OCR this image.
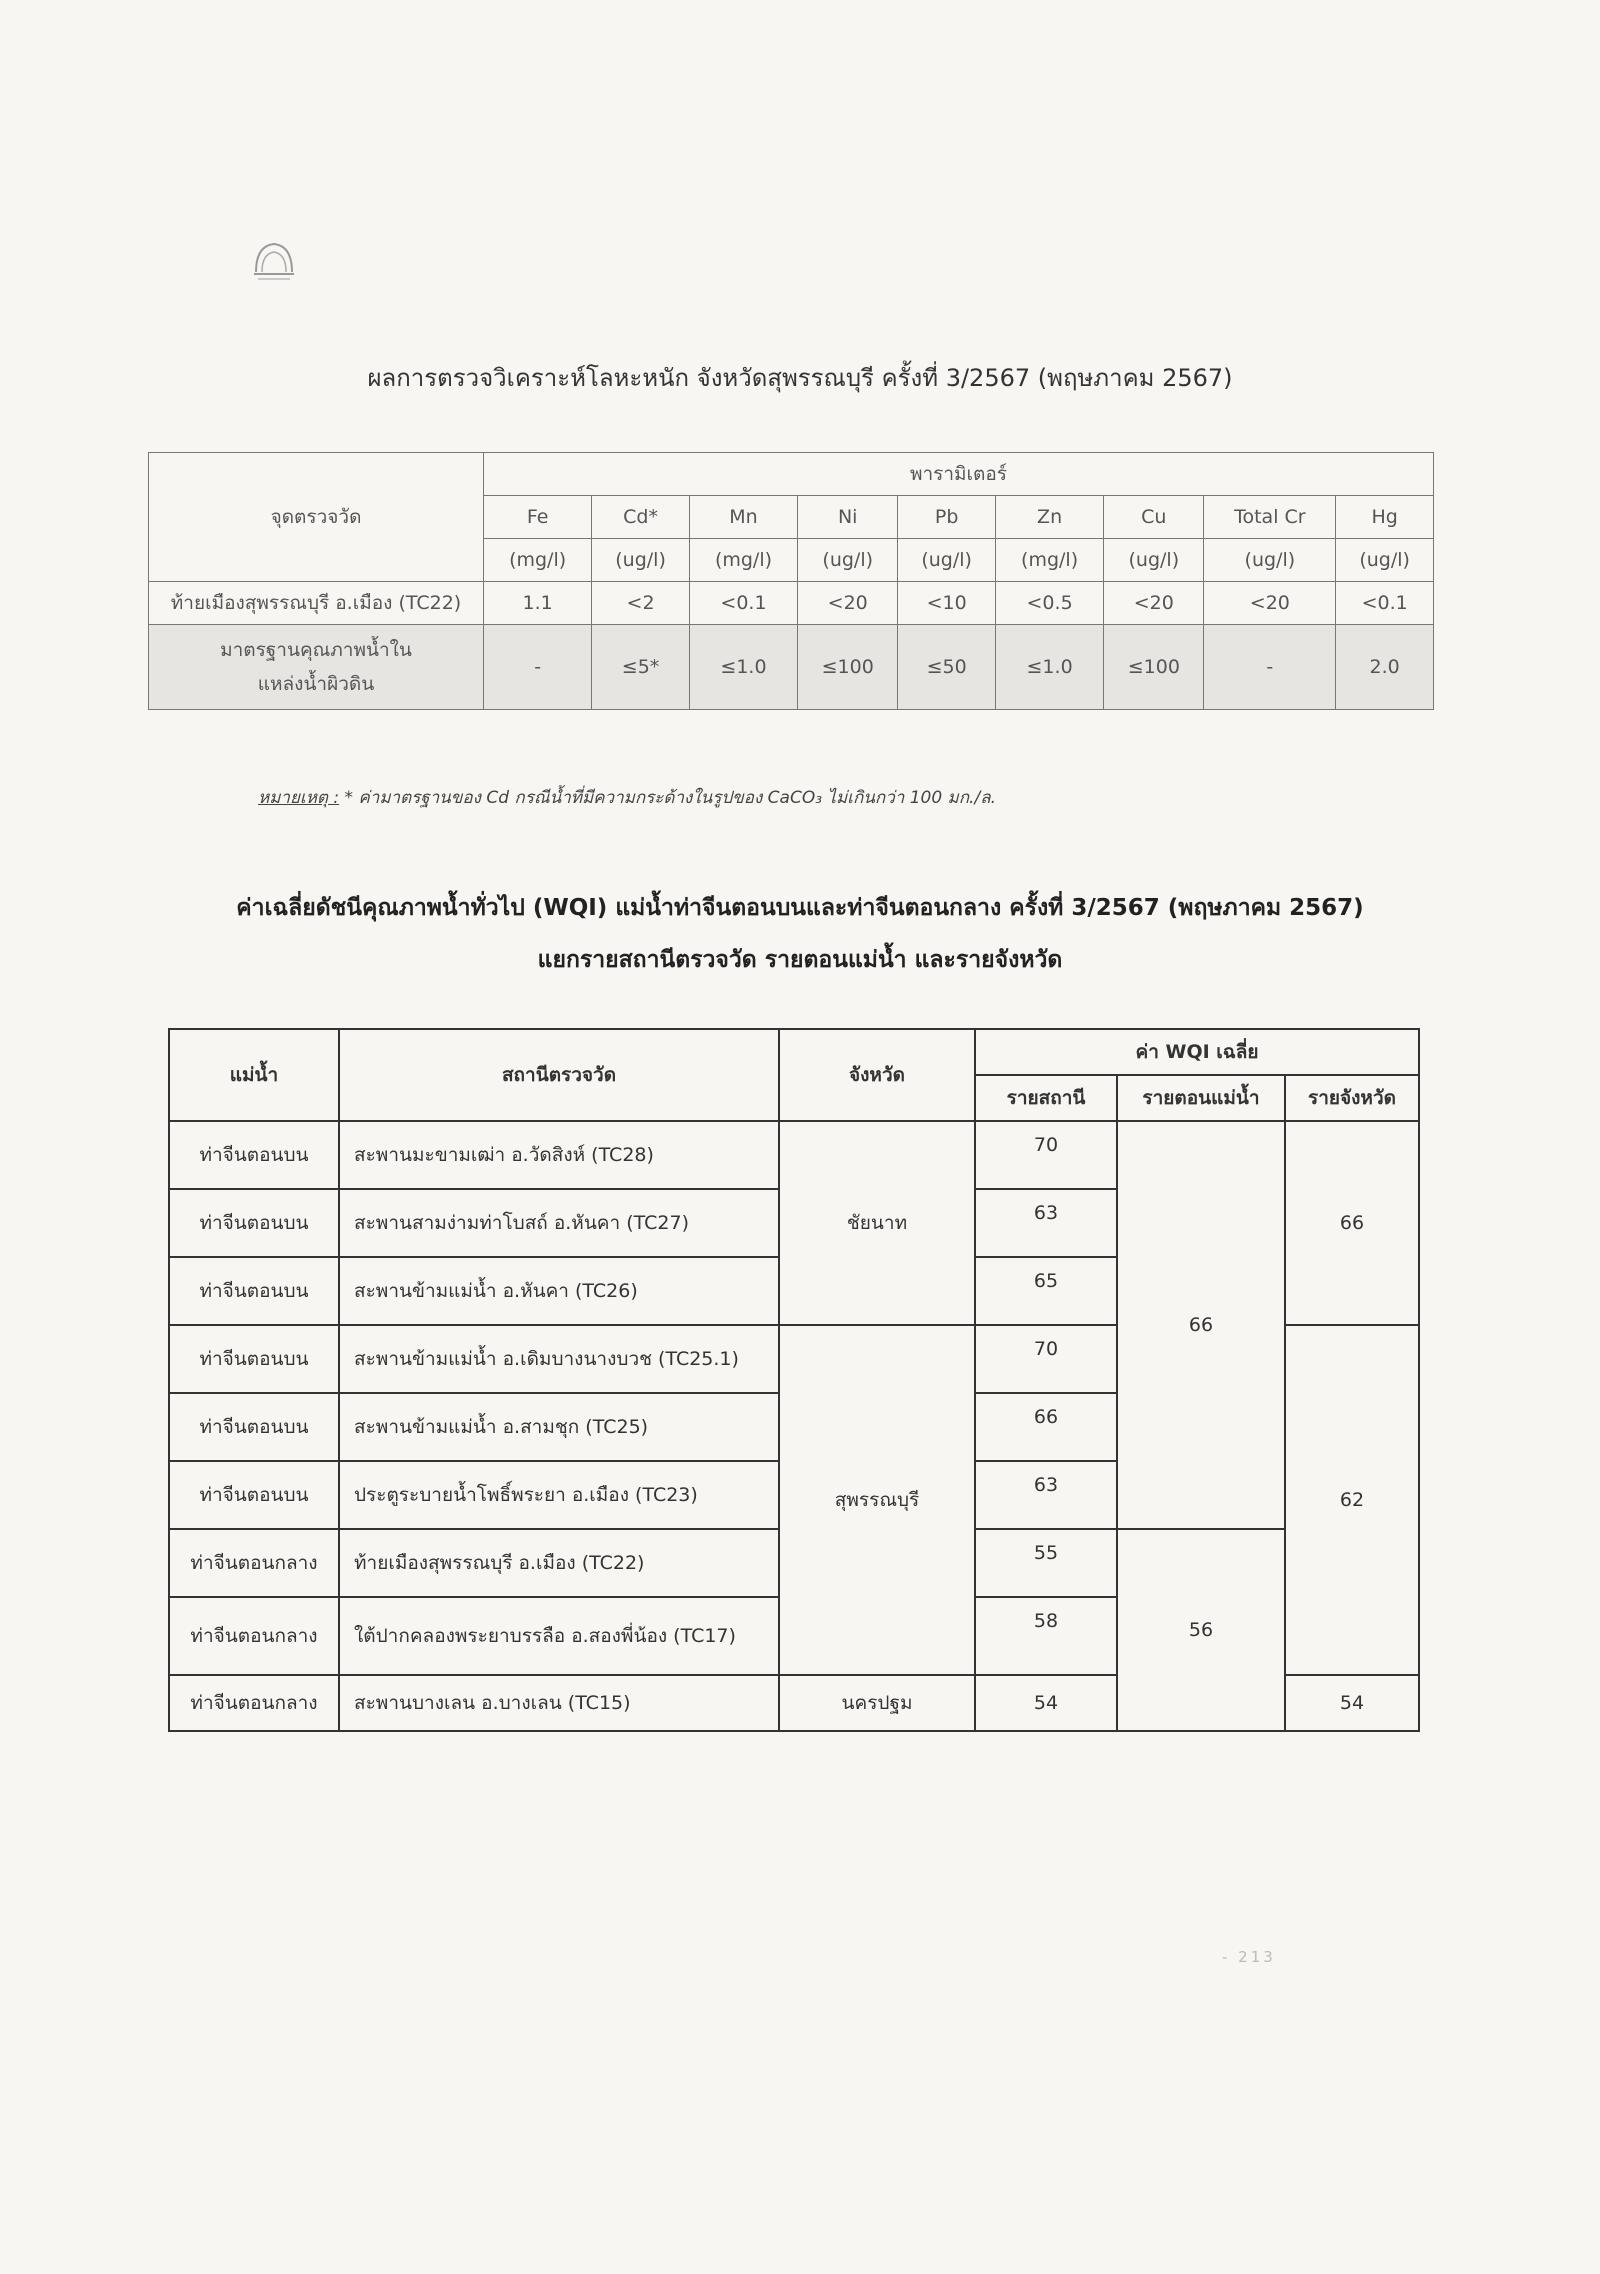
ผลการตรวจวิเคราะห์โลหะหนัก จังหวัดสุพรรณบุรี ครั้งที่ 3/2567 (พฤษภาคม 2567)
จุดตรวจวัด	พารามิเตอร์								
	Fe	Cd*	Mn	Ni	Pb	Zn	Cu	Total Cr	Hg
	(mg/l)	(ug/l)	(mg/l)	(ug/l)	(ug/l)	(mg/l)	(ug/l)	(ug/l)	(ug/l)
ท้ายเมืองสุพรรณบุรี อ.เมือง (TC22)	1.1	<2	<0.1	<20	<10	<0.5	<20	<20	<0.1
มาตรฐานคุณภาพน้ำใน
แหล่งน้ำผิวดิน	-	≤5*	≤1.0	≤100	≤50	≤1.0	≤100	-	2.0
หมายเหตุ : * ค่ามาตรฐานของ Cd กรณีน้ำที่มีความกระด้างในรูปของ CaCO₃ ไม่เกินกว่า 100 มก./ล.
ค่าเฉลี่ยดัชนีคุณภาพน้ำทั่วไป (WQI) แม่น้ำท่าจีนตอนบนและท่าจีนตอนกลาง ครั้งที่ 3/2567 (พฤษภาคม 2567)
แยกรายสถานีตรวจวัด รายตอนแม่น้ำ และรายจังหวัด
แม่น้ำ	สถานีตรวจวัด	จังหวัด	ค่า WQI เฉลี่ย		
			รายสถานี	รายตอนแม่น้ำ	รายจังหวัด
ท่าจีนตอนบน	สะพานมะขามเฒ่า อ.วัดสิงห์ (TC28)	ชัยนาท	70	66	66
ท่าจีนตอนบน	สะพานสามง่ามท่าโบสถ์ อ.หันคา (TC27)		63		
ท่าจีนตอนบน	สะพานข้ามแม่น้ำ อ.หันคา (TC26)		65		
ท่าจีนตอนบน	สะพานข้ามแม่น้ำ อ.เดิมบางนางบวช (TC25.1)	สุพรรณบุรี	70		62
ท่าจีนตอนบน	สะพานข้ามแม่น้ำ อ.สามชุก (TC25)		66		
ท่าจีนตอนบน	ประตูระบายน้ำโพธิ์พระยา อ.เมือง (TC23)		63		
ท่าจีนตอนกลาง	ท้ายเมืองสุพรรณบุรี อ.เมือง (TC22)		55	56	
ท่าจีนตอนกลาง	ใต้ปากคลองพระยาบรรลือ อ.สองพี่น้อง (TC17)		58		
ท่าจีนตอนกลาง	สะพานบางเลน อ.บางเลน (TC15)	นครปฐม	54		54
- 213
